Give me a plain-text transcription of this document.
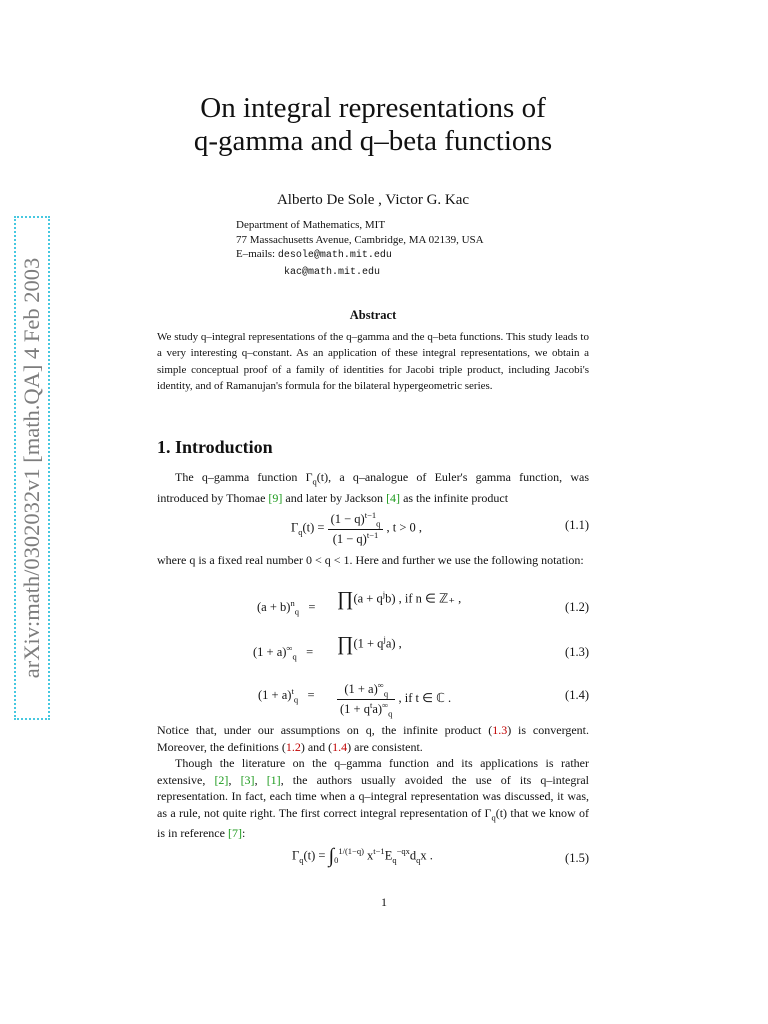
arXiv:math/0302032v1 [math.QA] 4 Feb 2003
On integral representations of
q-gamma and q–beta functions
Alberto De Sole , Victor G. Kac
Department of Mathematics, MIT
77 Massachusetts Avenue, Cambridge, MA 02139, USA
E–mails: desole@math.mit.edu
kac@math.mit.edu
Abstract
We study q–integral representations of the q–gamma and the q–beta functions. This study leads to a very interesting q–constant. As an application of these integral representations, we obtain a simple conceptual proof of a family of identities for Jacobi triple product, including Jacobi's identity, and of Ramanujan's formula for the bilateral hypergeometric series.
1. Introduction
The q–gamma function $\Gamma_q(t)$, a q–analogue of Euler's gamma function, was introduced by Thomae [9] and later by Jackson [4] as the infinite product
$\Gamma_q(t) = \frac{(1 - q)^{t-1}_q}{(1 - q)^{t-1}}$ , t > 0 ,	(1.1)
where q is a fixed real number 0 < q < 1. Here and further we use the following notation:
$(a + b)^n_q$   = ∏(a + $q^jb$) , if n ∈ ℤ₊ ,
(1.2)
$(1 + a)^\infty_q$   = ∏(1 + $q^ja$) ,
(1.3)
$(1 + a)^t_q = \frac{(1 + a)^\infty_q}{(1 + q^ta)^\infty_q}$ , if t ∈ ℂ .	(1.4)
Notice that, under our assumptions on q, the infinite product (1.3) is convergent. Moreover, the definitions (1.2) and (1.4) are consistent.
Though the literature on the q–gamma function and its applications is rather extensive, [2], [3], [1], the authors usually avoided the use of its q–integral representation. In fact, each time when a q–integral representation was discussed, it was, as a rule, not quite right. The first correct integral representation of $\Gamma_q(t)$ that we know of is in reference [7]:
$\Gamma_q(t) = \int_0^{1/(1-q)}$ $x^{t-1}E_q^{-qx}d_qx$ .	(1.5)
1
